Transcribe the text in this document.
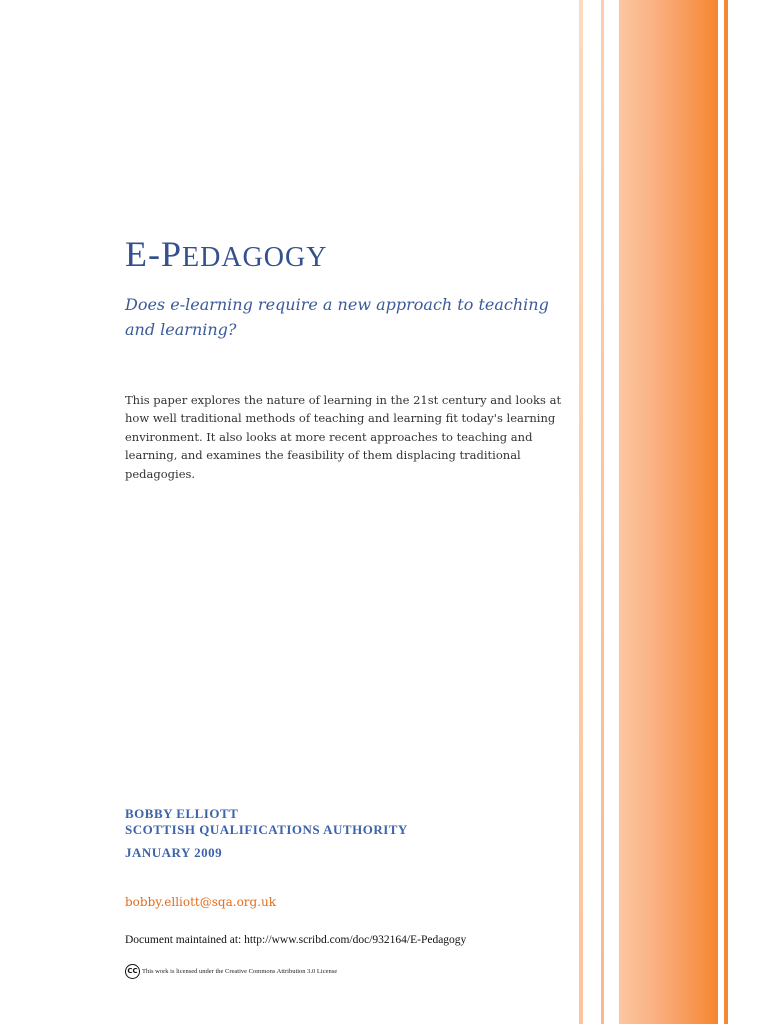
E-PEDAGOGY
Does e-learning require a new approach to teaching and learning?
This paper explores the nature of learning in the 21st century and looks at how well traditional methods of teaching and learning fit today's learning environment. It also looks at more recent approaches to teaching and learning, and examines the feasibility of them displacing traditional pedagogies.
BOBBY ELLIOTT
SCOTTISH QUALIFICATIONS AUTHORITY
JANUARY 2009
bobby.elliott@sqa.org.uk
Document maintained at: http://www.scribd.com/doc/932164/E-Pedagogy
CC This work is licensed under the Creative Commons Attribution 3.0 License
